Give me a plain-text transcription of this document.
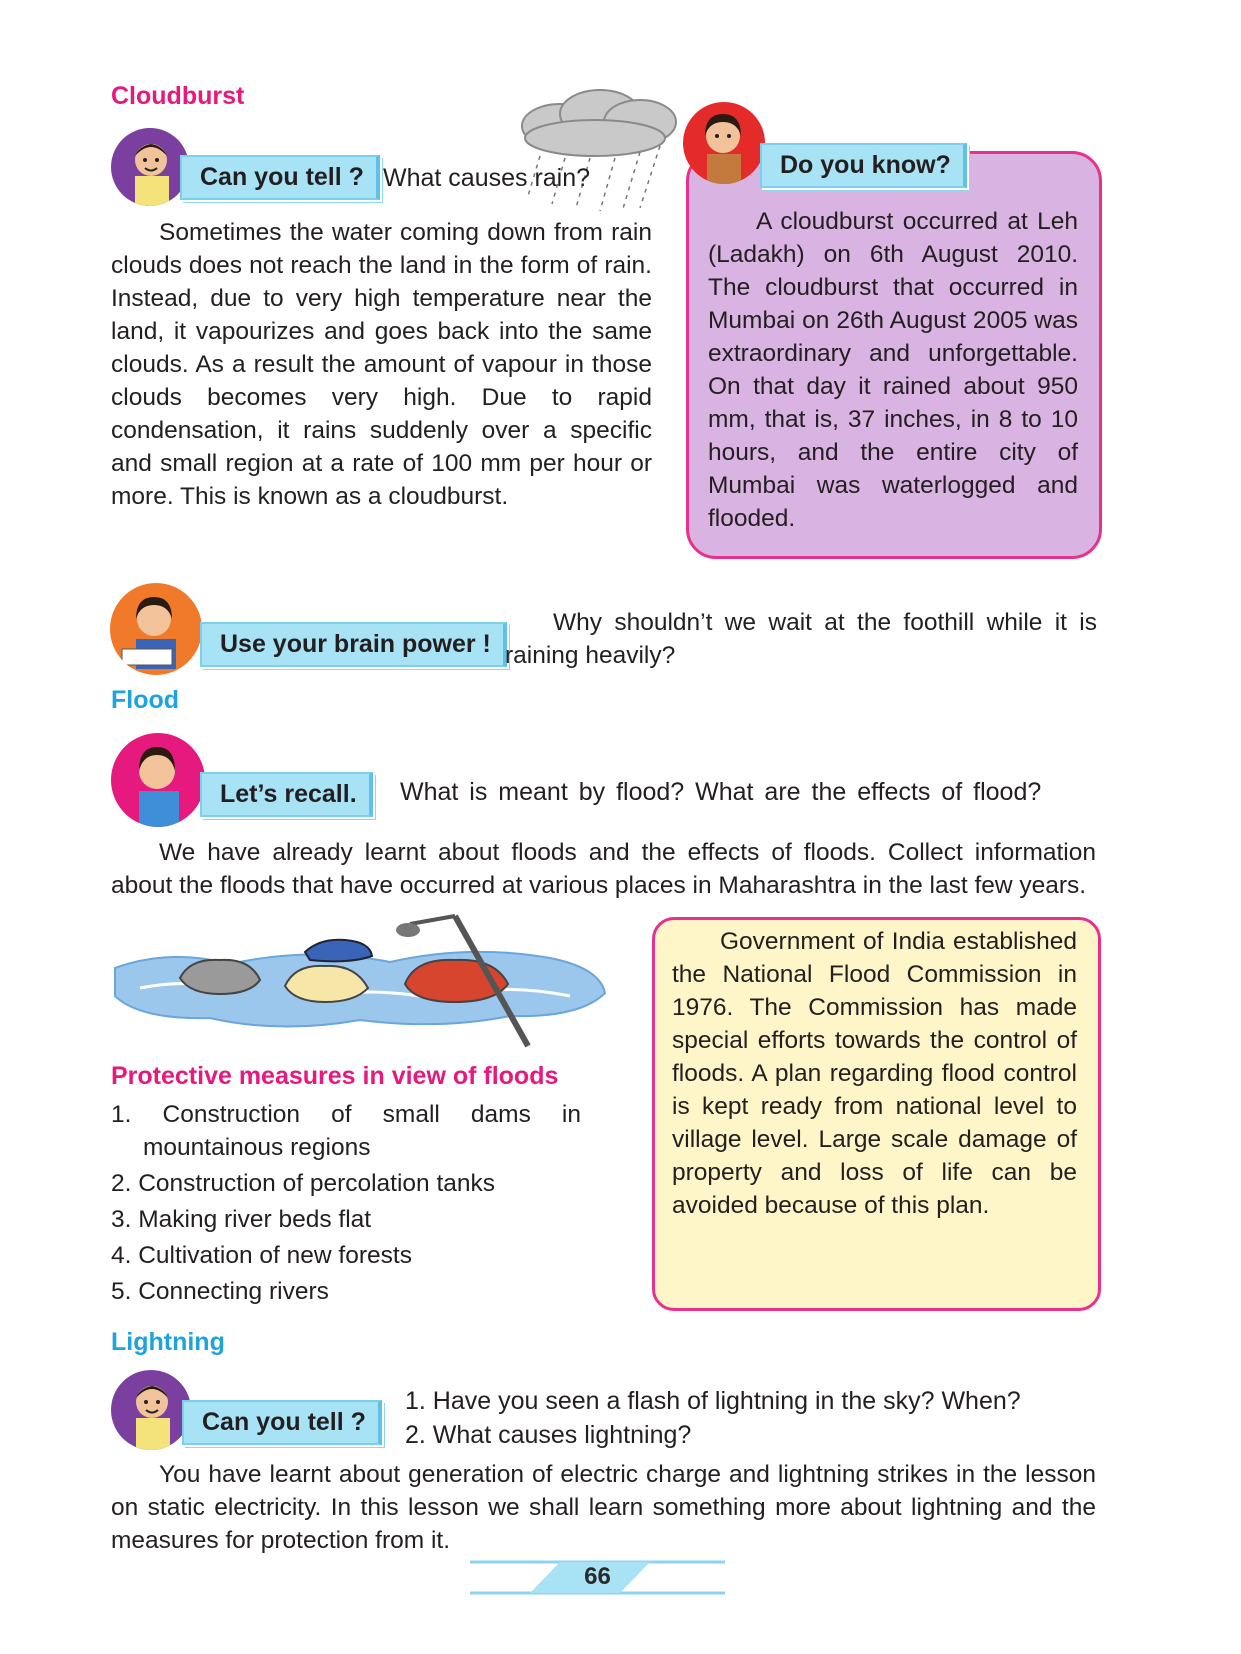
Cloudburst
Can you tell ? What causes rain?

Sometimes the water coming down from rain clouds does not reach the land in the form of rain. Instead, due to very high temperature near the land, it vapourizes and goes back into the same clouds. As a result the amount of vapour in those clouds becomes very high. Due to rapid condensation, it rains suddenly over a specific and small region at a rate of 100 mm per hour or more. This is known as a cloudburst.

Do you know?

A cloudburst occurred at Leh (Ladakh) on 6th August 2010. The cloudburst that occurred in Mumbai on 26th August 2005 was extraordinary and unforgettable. On that day it rained about 950 mm, that is, 37 inches, in 8 to 10 hours, and the entire city of Mumbai was waterlogged and flooded.

Use your brain power !
Why shouldn’t we wait at the foothill while it is raining heavily?
Flood
Let’s recall.	What is meant by flood? What are the effects of flood?

We have already learnt about floods and the effects of floods. Collect information about the floods that have occurred at various places in Maharashtra in the last few years.

Protective measures in view of floods
1. Construction of small dams in mountainous regions
2. Construction of percolation tanks
3. Making river beds flat
4. Cultivation of new forests
5. Connecting rivers

Government of India established the National Flood Commission in 1976. The Commission has made special efforts towards the control of floods. A plan regarding flood control is kept ready from national level to village level. Large scale damage of property and loss of life can be avoided because of this plan.

Lightning
Can you tell ?
1. Have you seen a flash of lightning in the sky? When?
2. What causes lightning?

You have learnt about generation of electric charge and lightning strikes in the lesson on static electricity. In this lesson we shall learn something more about lightning and the measures for protection from it.

66
